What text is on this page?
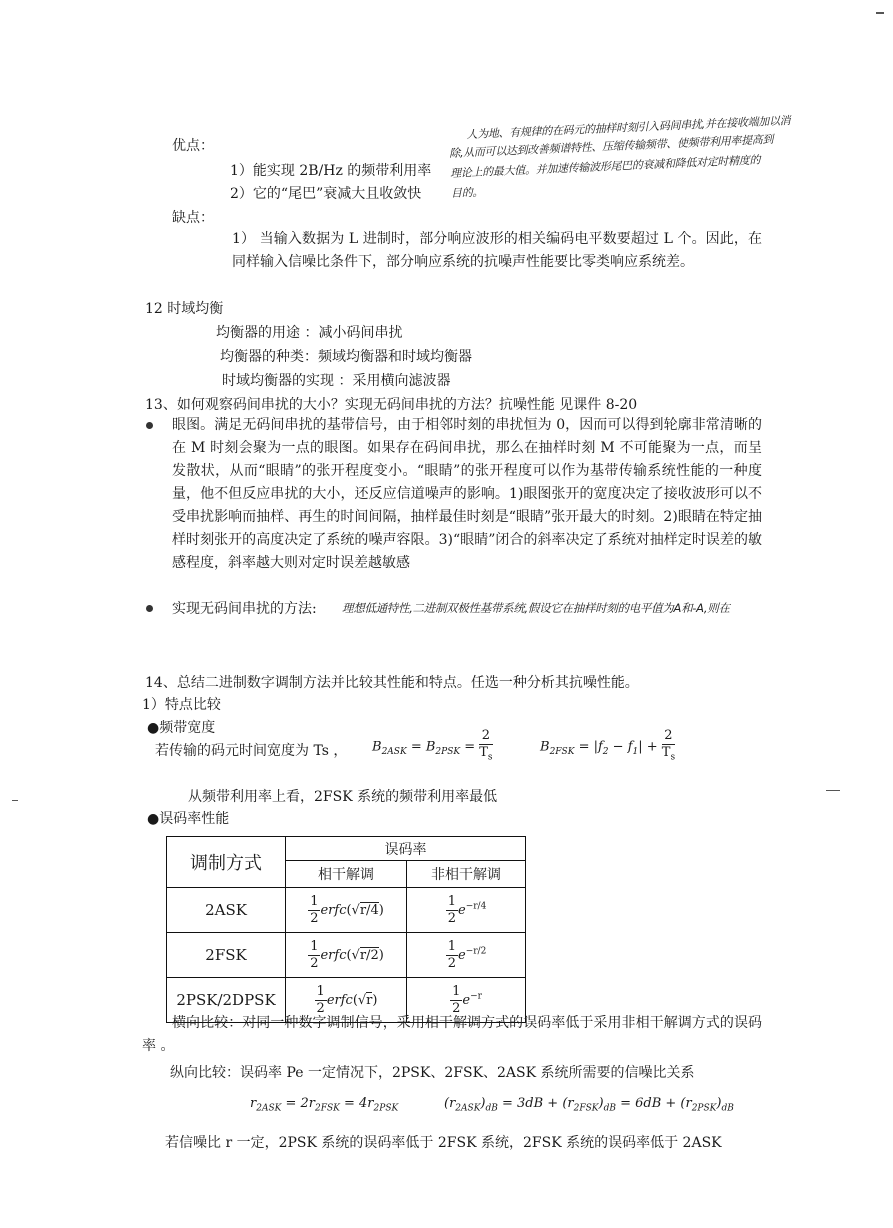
优点：
1）能实现 2B/Hz 的频带利用率
2）它的“尾巴”衰减大且收敛快
人为地、有规律的在码元的抽样时刻引入码间串扰,并在接收端加以消
除,从而可以达到改善频谱特性、压缩传输频带、使频带利用率提高到
理论上的最大值。并加速传输波形尾巴的衰减和降低对定时精度的
目的。
缺点：
1） 当输入数据为 L 进制时，部分响应波形的相关编码电平数要超过 L 个。因此，在同样输入信噪比条件下，部分响应系统的抗噪声性能要比零类响应系统差。
12 时域均衡
均衡器的用途 ：减小码间串扰
均衡器的种类：频域均衡器和时域均衡器
时域均衡器的实现 ：采用横向滤波器
13、如何观察码间串扰的大小？实现无码间串扰的方法？抗噪性能 见课件 8-20
眼图。满足无码间串扰的基带信号，由于相邻时刻的串扰恒为 0，因而可以得到轮廓非常清晰的在 M 时刻会聚为一点的眼图。如果存在码间串扰，那么在抽样时刻 M 不可能聚为一点，而呈发散状，从而“眼睛”的张开程度变小。“眼睛”的张开程度可以作为基带传输系统性能的一种度量，他不但反应串扰的大小，还反应信道噪声的影响。1)眼图张开的宽度决定了接收波形可以不受串扰影响而抽样、再生的时间间隔，抽样最佳时刻是“眼睛”张开最大的时刻。2)眼睛在特定抽样时刻张开的高度决定了系统的噪声容限。3)“眼睛”闭合的斜率决定了系统对抽样定时误差的敏感程度，斜率越大则对定时误差越敏感
实现无码间串扰的方法: 理想低通特性,二进制双极性基带系统,假设它在抽样时刻的电平值为A和-A,则在
14、总结二进制数字调制方法并比较其性能和特点。任选一种分析其抗噪性能。
1）特点比较
●频带宽度
若传输的码元时间宽度为 Ts ， $B_{2ASK} = B_{2PSK} = \frac{2}{T_s}$	$B_{2FSK} = |f_2 - f_1| + \frac{2}{T_s}$
从频带利用率上看，2FSK 系统的频带利用率最低
●误码率性能
调制方式	误码率	
	相干解调	非相干解调
2ASK	$\frac{1}{2}$ erfc(√r/4)	$\frac{1}{2} e^{-r/4}$
2FSK	$\frac{1}{2}$ erfc(√r/2)	$\frac{1}{2} e^{-r/2}$
2PSK/2DPSK	$\frac{1}{2}$ erfc(√r)	$\frac{1}{2} e^{-r}$
横向比较：对同一种数字调制信号，采用相干解调方式的误码率低于采用非相干解调方式的误码率 。
纵向比较：误码率 Pe 一定情况下，2PSK、2FSK、2ASK 系统所需要的信噪比关系
$r_{2ASK} = 2r_{2FSK} = 4r_{2PSK}$	$(r_{2ASK})_{dB} = 3dB + (r_{2FSK})_{dB} = 6dB + (r_{2PSK})_{dB}$
若信噪比 r 一定，2PSK 系统的误码率低于 2FSK 系统，2FSK 系统的误码率低于 2ASK
